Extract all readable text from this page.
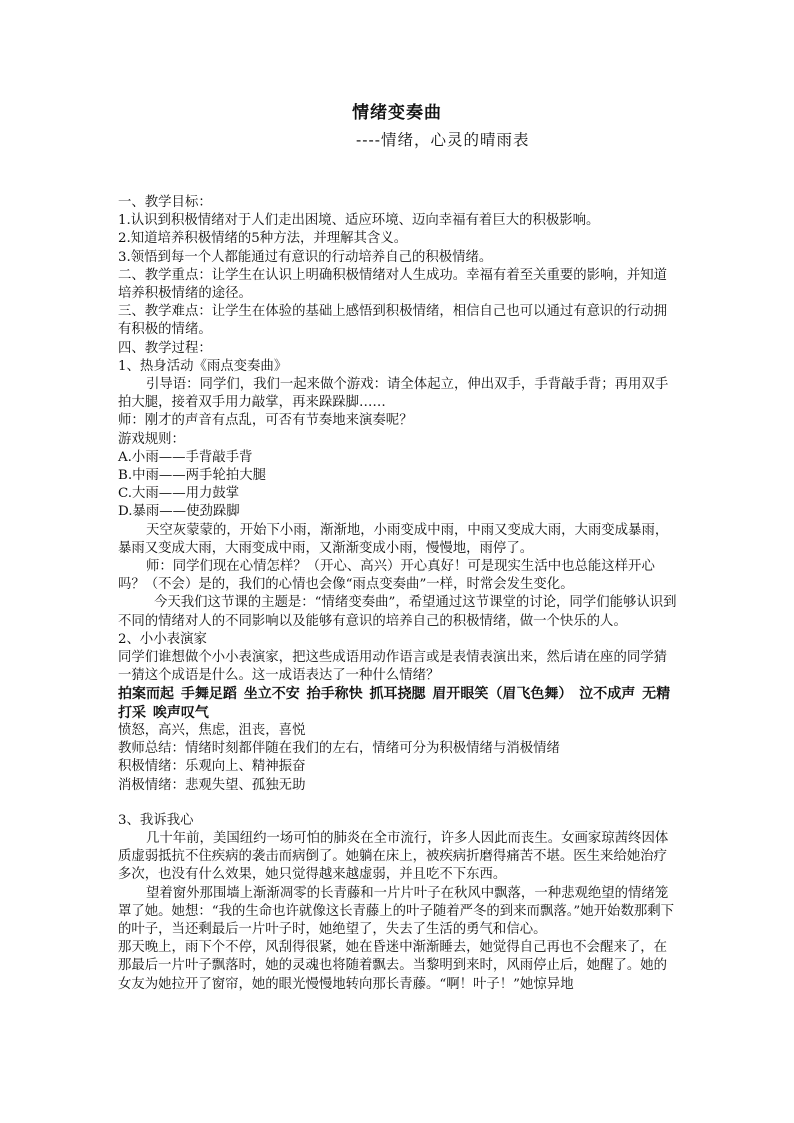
情绪变奏曲
----情绪，心灵的晴雨表

一、教学目标：

1.认识到积极情绪对于人们走出困境、适应环境、迈向幸福有着巨大的积极影响。

2.知道培养积极情绪的5种方法，并理解其含义。

3.领悟到每一个人都能通过有意识的行动培养自己的积极情绪。

二、教学重点：让学生在认识上明确积极情绪对人生成功。幸福有着至关重要的影响，并知道培养积极情绪的途径。

三、教学难点：让学生在体验的基础上感悟到积极情绪，相信自己也可以通过有意识的行动拥有积极的情绪。

四、教学过程：

1、热身活动《雨点变奏曲》

引导语：同学们，我们一起来做个游戏：请全体起立，伸出双手，手背敲手背；再用双手拍大腿，接着双手用力敲掌，再来跺跺脚……

师：刚才的声音有点乱，可否有节奏地来演奏呢？

游戏规则：

A.小雨——手背敲手背

B.中雨——两手轮拍大腿

C.大雨——用力鼓掌

D.暴雨——使劲跺脚

天空灰蒙蒙的，开始下小雨，渐渐地，小雨变成中雨，中雨又变成大雨，大雨变成暴雨，暴雨又变成大雨，大雨变成中雨，又渐渐变成小雨，慢慢地，雨停了。

师：同学们现在心情怎样？（开心、高兴）开心真好！可是现实生活中也总能这样开心吗？（不会）是的，我们的心情也会像“雨点变奏曲”一样，时常会发生变化。

今天我们这节课的主题是：“情绪变奏曲”，希望通过这节课堂的讨论，同学们能够认识到不同的情绪对人的不同影响以及能够有意识的培养自己的积极情绪，做一个快乐的人。

2、小小表演家

同学们谁想做个小小表演家，把这些成语用动作语言或是表情表演出来，然后请在座的同学猜一猜这个成语是什么。这一成语表达了一种什么情绪？

拍案而起 手舞足蹈 坐立不安 抬手称快 抓耳挠腮 眉开眼笑（眉飞色舞） 泣不成声 无精打采 唉声叹气

愤怒，高兴，焦虑，沮丧，喜悦

教师总结：情绪时刻都伴随在我们的左右，情绪可分为积极情绪与消极情绪

积极情绪：乐观向上、精神振奋

消极情绪：悲观失望、孤独无助

3、我诉我心

几十年前，美国纽约一场可怕的肺炎在全市流行，许多人因此而丧生。女画家琼茜终因体质虚弱抵抗不住疾病的袭击而病倒了。她躺在床上，被疾病折磨得痛苦不堪。医生来给她治疗多次，也没有什么效果，她只觉得越来越虚弱，并且吃不下东西。

望着窗外那围墙上渐渐凋零的长青藤和一片片叶子在秋风中飘落，一种悲观绝望的情绪笼罩了她。她想：“我的生命也许就像这长青藤上的叶子随着严冬的到来而飘落。”她开始数那剩下的叶子，当还剩最后一片叶子时，她绝望了，失去了生活的勇气和信心。

那天晚上，雨下个不停，风刮得很紧，她在昏迷中渐渐睡去，她觉得自己再也不会醒来了，在那最后一片叶子飘落时，她的灵魂也将随着飘去。当黎明到来时，风雨停止后，她醒了。她的女友为她拉开了窗帘，她的眼光慢慢地转向那长青藤。“啊！叶子！”她惊异地
